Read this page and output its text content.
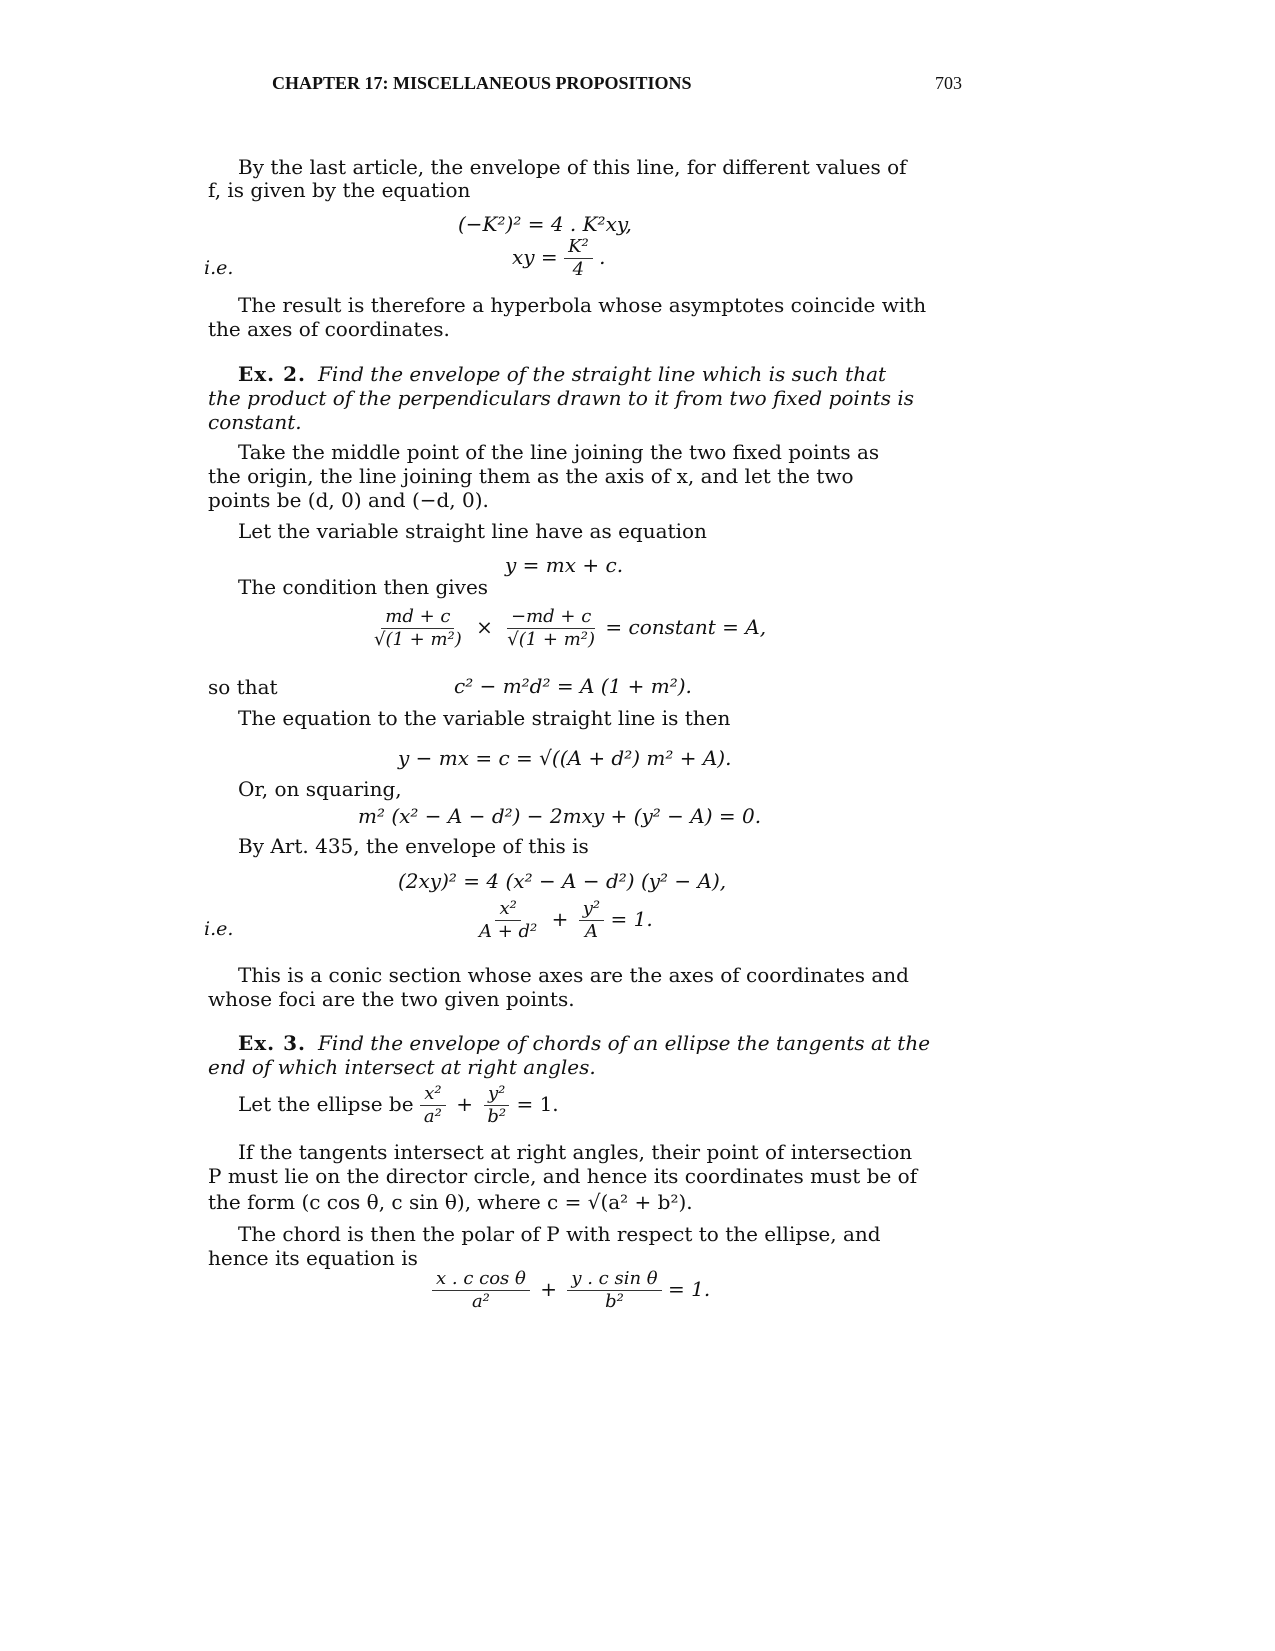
CHAPTER 17: MISCELLANEOUS PROPOSITIONS	703
By the last article, the envelope of this line, for different values of
f, is given by the equation
(−K²)² = 4 . K²xy,
i.e.	xy = $\frac{\text{K²}}{4}$ .
The result is therefore a hyperbola whose asymptotes coincide with
the axes of coordinates.
Ex. 2. Find the envelope of the straight line which is such that
the product of the perpendiculars drawn to it from two fixed points is
constant.
Take the middle point of the line joining the two fixed points as
the origin, the line joining them as the axis of x, and let the two
points be (d, 0) and (−d, 0).
Let the variable straight line have as equation
y = mx + c.
The condition then gives
$\frac{md + c}{\text{√(1 + m²)}} \times \frac{-md + c}{\text{√(1 + m²)}}$ = constant = A,
so that	c² − m²d² = A (1 + m²).
The equation to the variable straight line is then
y − mx = c = √((A + d²) m² + A).
Or, on squaring,
m² (x² − A − d²) − 2mxy + (y² − A) = 0.
By Art. 435, the envelope of this is
(2xy)² = 4 (x² − A − d²) (y² − A),
i.e.	$\frac{\text{x²}}{\text{A + d²}} + \frac{\text{y²}}{A} = 1$.
This is a conic section whose axes are the axes of coordinates and
whose foci are the two given points.
Ex. 3. Find the envelope of chords of an ellipse the tangents at the
end of which intersect at right angles.
Let the ellipse be $\frac{\text{x²}}{\text{a²}} + \frac{\text{y²}}{\text{b²}} = 1$.
If the tangents intersect at right angles, their point of intersection
P must lie on the director circle, and hence its coordinates must be of
the form (c cos θ, c sin θ), where c = √(a² + b²).
The chord is then the polar of P with respect to the ellipse, and
hence its equation is
$\frac{\text{x . c cos θ}}{\text{a²}} + \frac{\text{y . c sin θ}}{\text{b²}} = 1$.
